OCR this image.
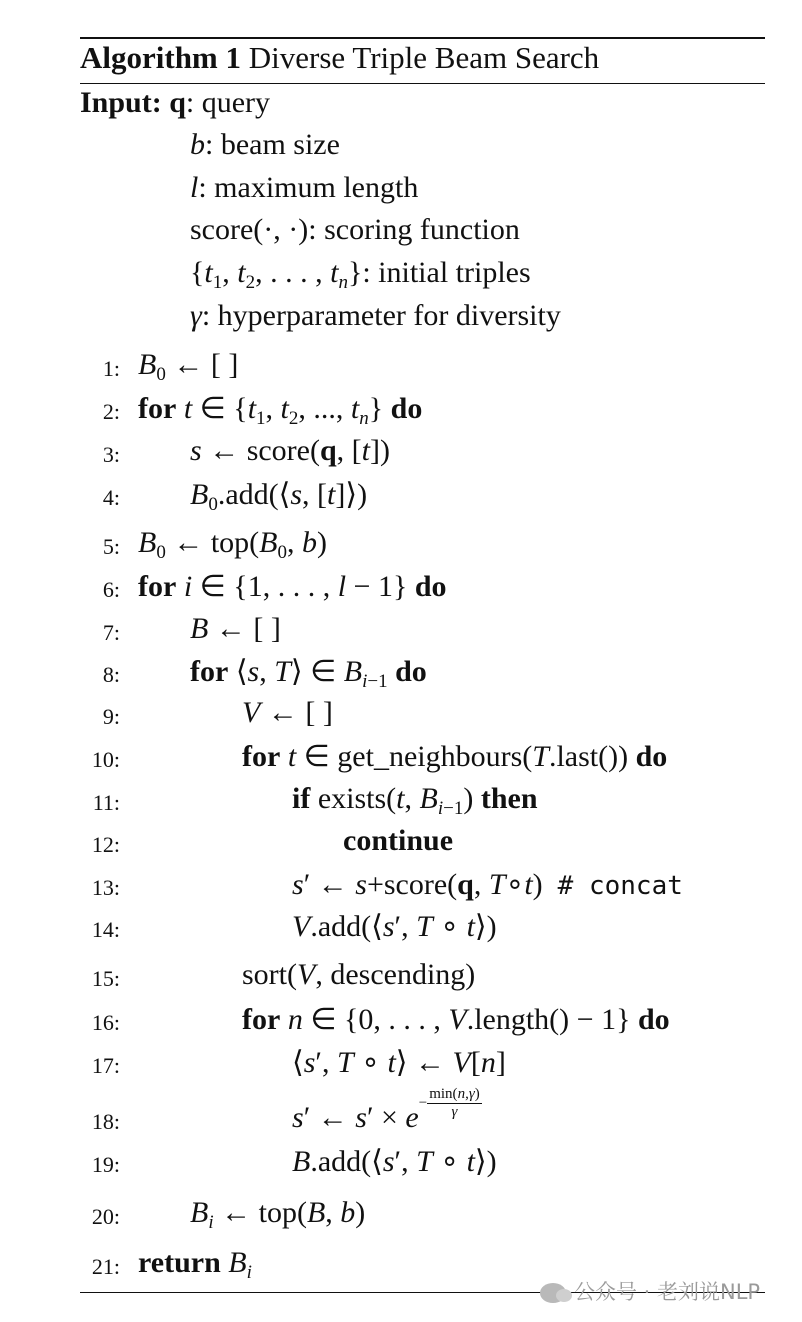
Algorithm 1 Diverse Triple Beam Search
Input: q: query
b: beam size
l: maximum length
score(·, ·): scoring function
{$t_1$, $t_2$, . . . , $t_n$}: initial triples
γ: hyperparameter for diversity
1:
2:
3:
4:
5:
6:
7:
8:
9:
10:
11:
12:
13:
14:
15:
16:
17:
18:
19:
20:
21:
$B_0$ ← [ ]
for t ∈ {$t_1$, $t_2$, ..., $t_n$} do
s ← score(q, [t])
$B_0.add(⟨s$, [t]⟩)
$B_0$ ← $top(B_0$, b)
for i ∈ {1, . . . , l − 1} do
B ← [ ]
for ⟨s, T⟩ ∈ $B_{i-1}$ do
V ← [ ]
for t ∈ get_neighbours(T.last()) do
if exists(t, $B_{i-1}$) then
continue
s′ ← s+score(q, T∘t)  # concat
V.add(⟨s′, T ∘ t⟩)
sort(V, descending)
for n ∈ {0, . . . , V.length() − 1} do
⟨s′, T ∘ t⟩ ← V[n]
s′ ← $s' \times e- \frac{\min(n,\gamma)}{\gamma}$
B.add(⟨s′, T ∘ t⟩)
$B_i$ ← top(B, b)
return $B_i$
公众号 · 老刘说NLP
